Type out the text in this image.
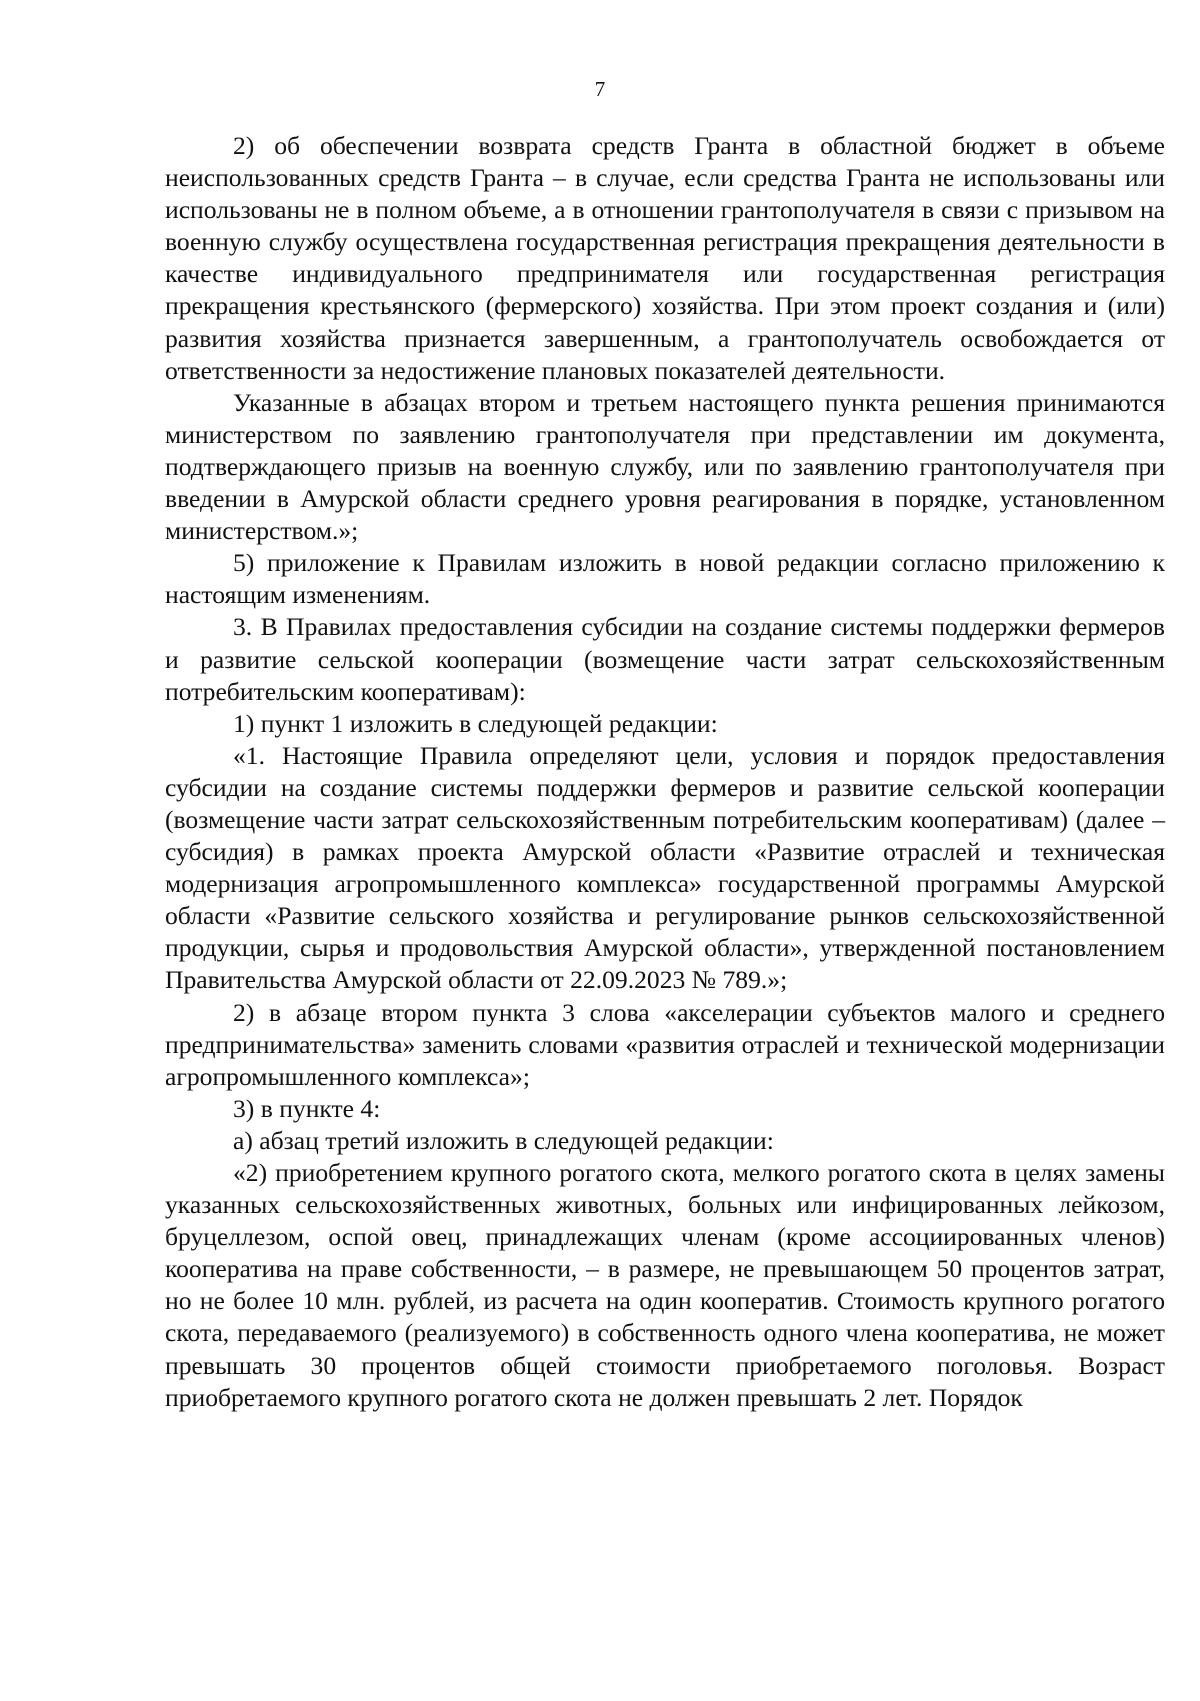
7

2) об обеспечении возврата средств Гранта в областной бюджет в объеме неиспользованных средств Гранта – в случае, если средства Гранта не использованы или использованы не в полном объеме, а в отношении грантополучателя в связи с призывом на военную службу осуществлена государственная регистрация прекращения деятельности в качестве индивидуального предпринимателя или государственная регистрация прекращения крестьянского (фермерского) хозяйства. При этом проект создания и (или) развития хозяйства признается завершенным, а грантополучатель освобождается от ответственности за недостижение плановых показателей деятельности.

Указанные в абзацах втором и третьем настоящего пункта решения принимаются министерством по заявлению грантополучателя при представлении им документа, подтверждающего призыв на военную службу, или по заявлению грантополучателя при введении в Амурской области среднего уровня реагирования в порядке, установленном министерством.»;

5) приложение к Правилам изложить в новой редакции согласно приложению к настоящим изменениям.

3. В Правилах предоставления субсидии на создание системы поддержки фермеров и развитие сельской кооперации (возмещение части затрат сельскохозяйственным потребительским кооперативам):

1) пункт 1 изложить в следующей редакции:

«1. Настоящие Правила определяют цели, условия и порядок предоставления субсидии на создание системы поддержки фермеров и развитие сельской кооперации (возмещение части затрат сельскохозяйственным потребительским кооперативам) (далее – субсидия) в рамках проекта Амурской области «Развитие отраслей и техническая модернизация агропромышленного комплекса» государственной программы Амурской области «Развитие сельского хозяйства и регулирование рынков сельскохозяйственной продукции, сырья и продовольствия Амурской области», утвержденной постановлением Правительства Амурской области от 22.09.2023 № 789.»;

2) в абзаце втором пункта 3 слова «акселерации субъектов малого и среднего предпринимательства» заменить словами «развития отраслей и технической модернизации агропромышленного комплекса»;

3) в пункте 4:

а) абзац третий изложить в следующей редакции:

«2) приобретением крупного рогатого скота, мелкого рогатого скота в целях замены указанных сельскохозяйственных животных, больных или инфицированных лейкозом, бруцеллезом, оспой овец, принадлежащих членам (кроме ассоциированных членов) кооператива на праве собственности, – в размере, не превышающем 50 процентов затрат, но не более 10 млн. рублей, из расчета на один кооператив. Стоимость крупного рогатого скота, передаваемого (реализуемого) в собственность одного члена кооператива, не может превышать 30 процентов общей стоимости приобретаемого поголовья. Возраст приобретаемого крупного рогатого скота не должен превышать 2 лет. Порядок
